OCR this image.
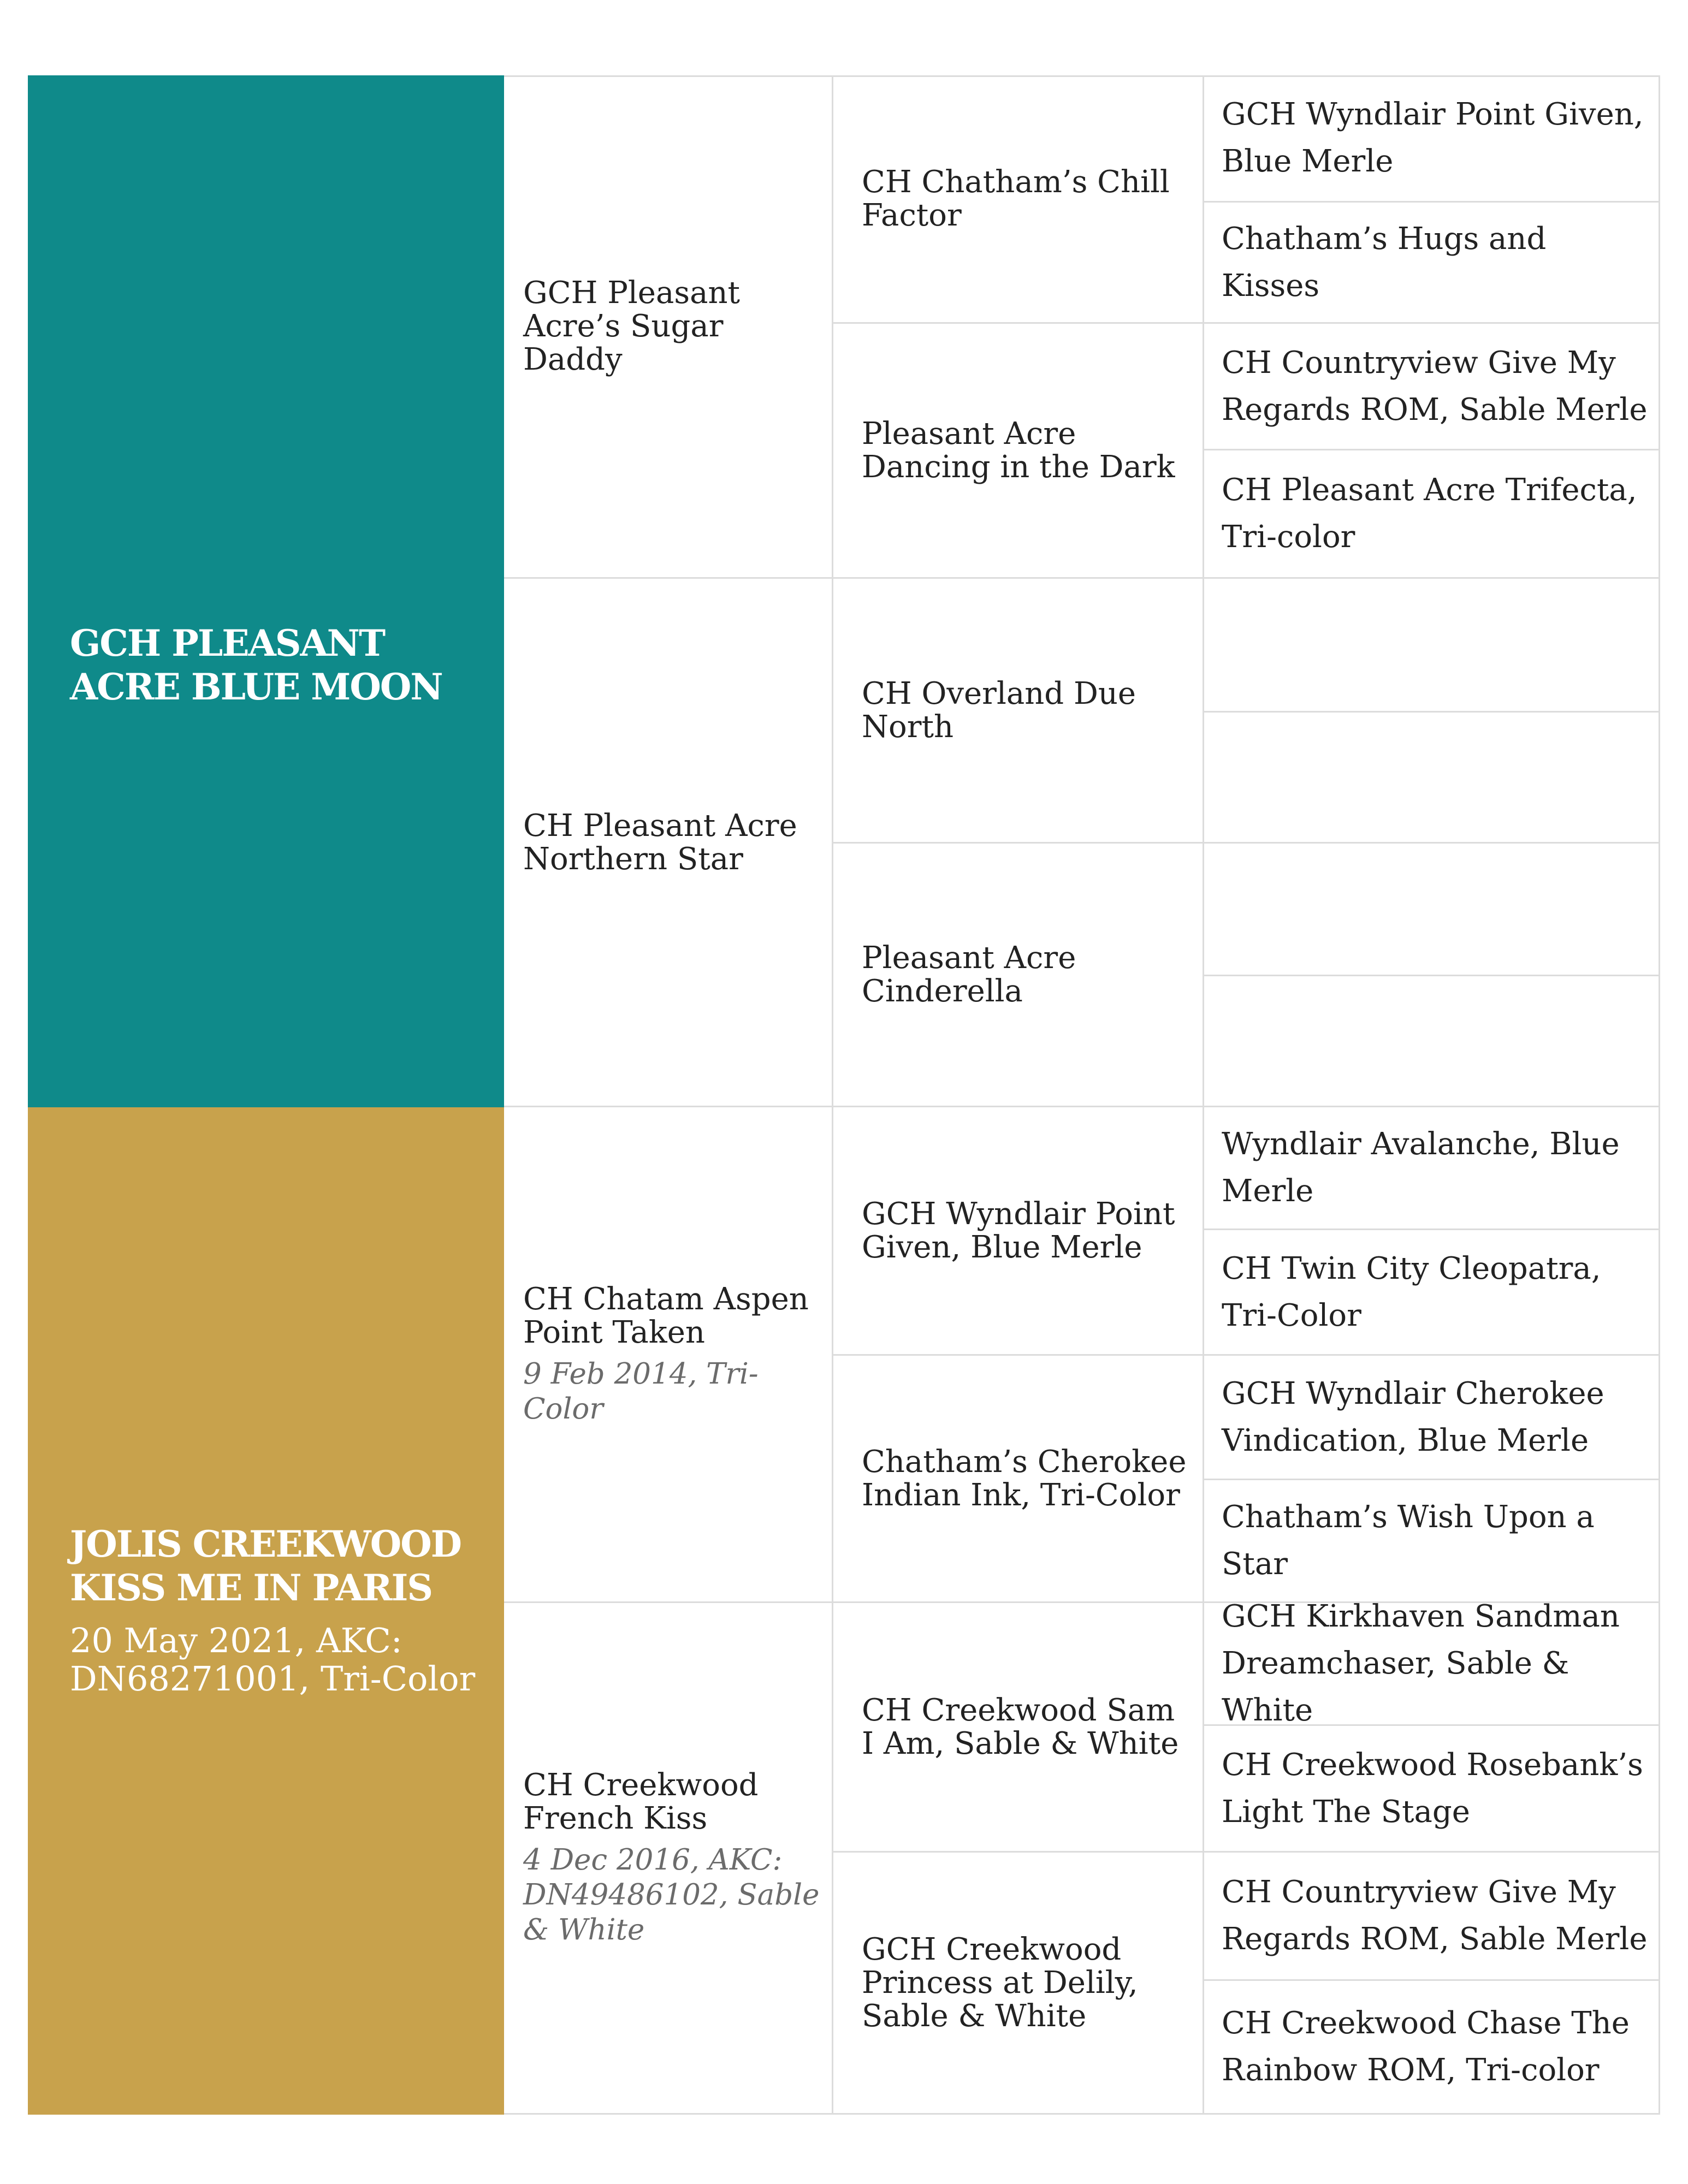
GCH PLEASANT ACRE BLUE MOON
JOLIS CREEKWOOD KISS ME IN PARIS
20 May 2021, AKC: DN68271001, Tri-Color
GCH Pleasant Acre’s Sugar Daddy
CH Pleasant Acre Northern Star
CH Chatam Aspen Point Taken
9 Feb 2014, Tri-Color
CH Creekwood French Kiss
4 Dec 2016, AKC: DN49486102, Sable & White
CH Chatham’s Chill Factor
Pleasant Acre Dancing in the Dark
CH Overland Due North
Pleasant Acre Cinderella
GCH Wyndlair Point Given, Blue Merle
Chatham’s Cherokee Indian Ink, Tri-Color
CH Creekwood Sam I Am, Sable & White
GCH Creekwood Princess at Delily, Sable & White
GCH Wyndlair Point Given, Blue Merle
Chatham’s Hugs and Kisses
CH Countryview Give My Regards ROM, Sable Merle
CH Pleasant Acre Trifecta, Tri-color
Wyndlair Avalanche, Blue Merle
CH Twin City Cleopatra, Tri-Color
GCH Wyndlair Cherokee Vindication, Blue Merle
Chatham’s Wish Upon a Star
GCH Kirkhaven Sandman Dreamchaser, Sable & White
CH Creekwood Rosebank’s Light The Stage
CH Countryview Give My Regards ROM, Sable Merle
CH Creekwood Chase The Rainbow ROM, Tri-color
